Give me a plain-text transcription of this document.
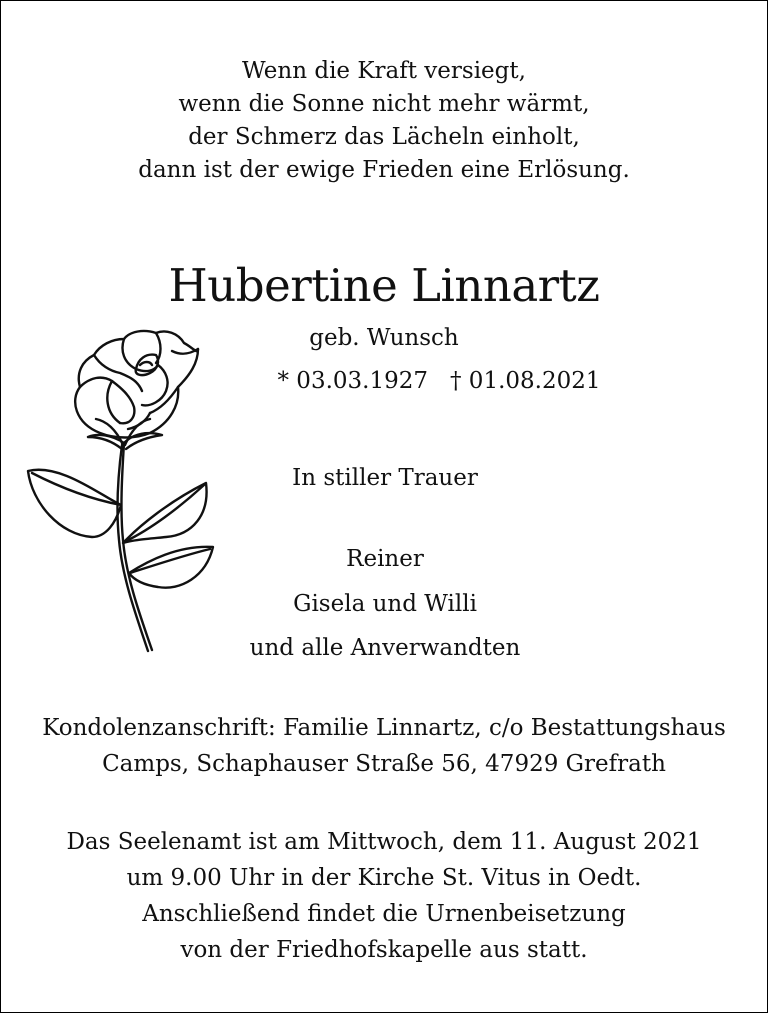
Wenn die Kraft versiegt,
wenn die Sonne nicht mehr wärmt,
der Schmerz das Lächeln einholt,
dann ist der ewige Frieden eine Erlösung.
Hubertine Linnartz
geb. Wunsch
* 03.03.1927 † 01.08.2021
In stiller Trauer
Reiner
Gisela und Willi
und alle Anverwandten
Kondolenzanschrift: Familie Linnartz, c/o Bestattungshaus
Camps, Schaphauser Straße 56, 47929 Grefrath
Das Seelenamt ist am Mittwoch, dem 11. August 2021
um 9.00 Uhr in der Kirche St. Vitus in Oedt.
Anschließend findet die Urnenbeisetzung
von der Friedhofskapelle aus statt.
